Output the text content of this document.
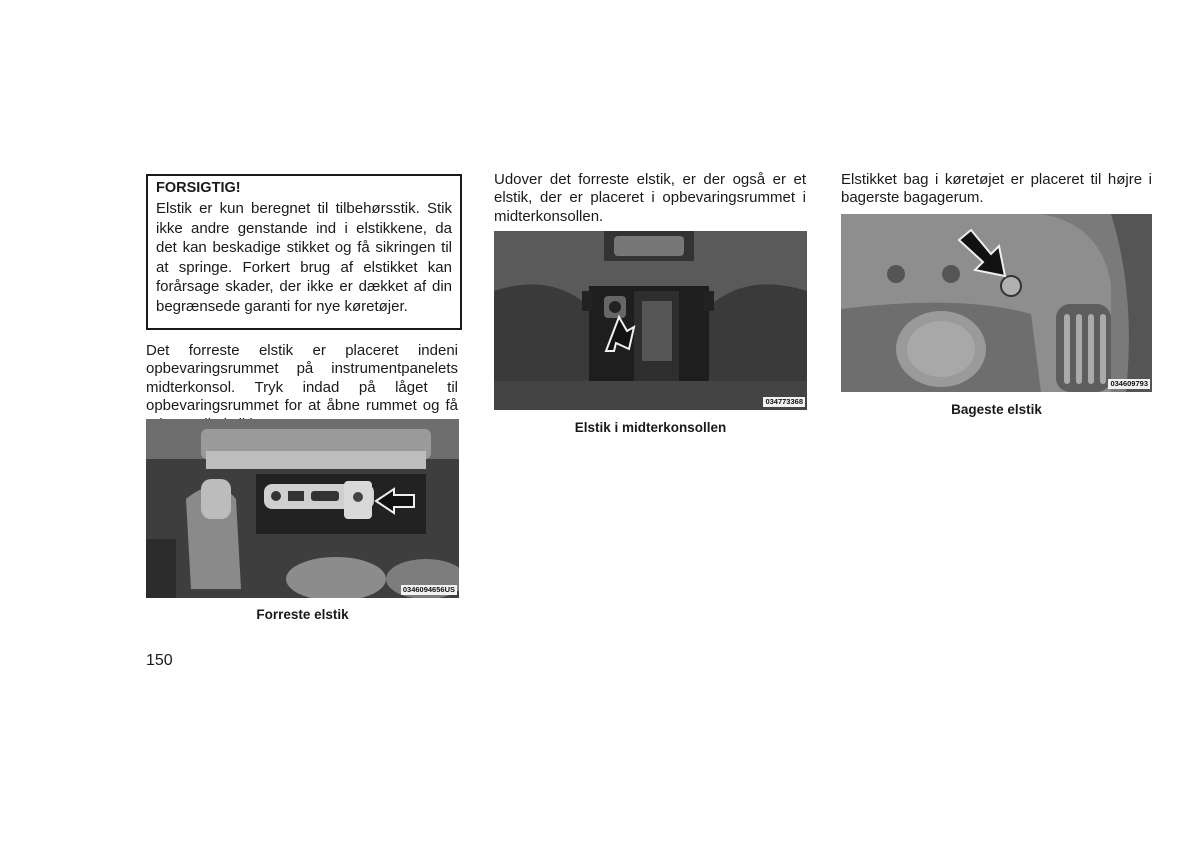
FORSIGTIG!

Elstik er kun beregnet til tilbehørsstik. Stik ikke andre genstande ind i elstikkene, da det kan beskadige stikket og få sikringen til at springe. Forkert brug af elstikket kan forårsage skader, der ikke er dækket af din begrænsede garanti for nye køretøjer.

Det forreste elstik er placeret indeni opbevaringsrummet på instrumentpanelets midterkonsol. Tryk indad på låget til opbevaringsrummet for at åbne rummet og få

0346094656US
Forreste elstik

Udover det forreste elstik, er der også er et elstik, der er placeret i opbevaringsrummet i midterkonsollen.

034773368
Elstik i midterkonsollen

Elstikket bag i køretøjet er placeret til højre i bagerste bagagerum.

034609793
Bageste elstik
150
